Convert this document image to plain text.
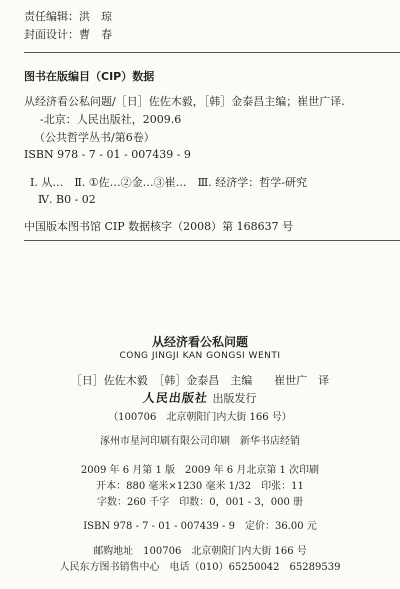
责任编辑：洪　琼
封面设计：曹　春
图书在版编目（CIP）数据
从经济看公私问题/［日］佐佐木毅，［韩］金泰昌主编；崔世广译.
-北京：人民出版社，2009.6
（公共哲学丛书/第6卷）
ISBN 978 - 7 - 01 - 007439 - 9
Ⅰ. 从…　Ⅱ. ①佐…②金…③崔…　Ⅲ. 经济学：哲学-研究
Ⅳ. B0 - 02
中国版本图书馆 CIP 数据核字（2008）第 168637 号
从经济看公私问题
CONG JINGJI KAN GONGSI WENTI
［日］佐佐木毅　［韩］金泰昌　主编　　崔世广　译
人民出版社 出版发行
（100706　北京朝阳门内大街 166 号）
涿州市星河印刷有限公司印刷　新华书店经销
2009 年 6 月第 1 版　2009 年 6 月北京第 1 次印刷
开本：880 毫米×1230 毫米 1/32　印张：11
字数：260 千字　印数：0，001 - 3，000 册
ISBN 978 - 7 - 01 - 007439 - 9　定价：36.00 元
邮购地址　100706　北京朝阳门内大街 166 号
人民东方图书销售中心　电话（010）65250042　65289539
